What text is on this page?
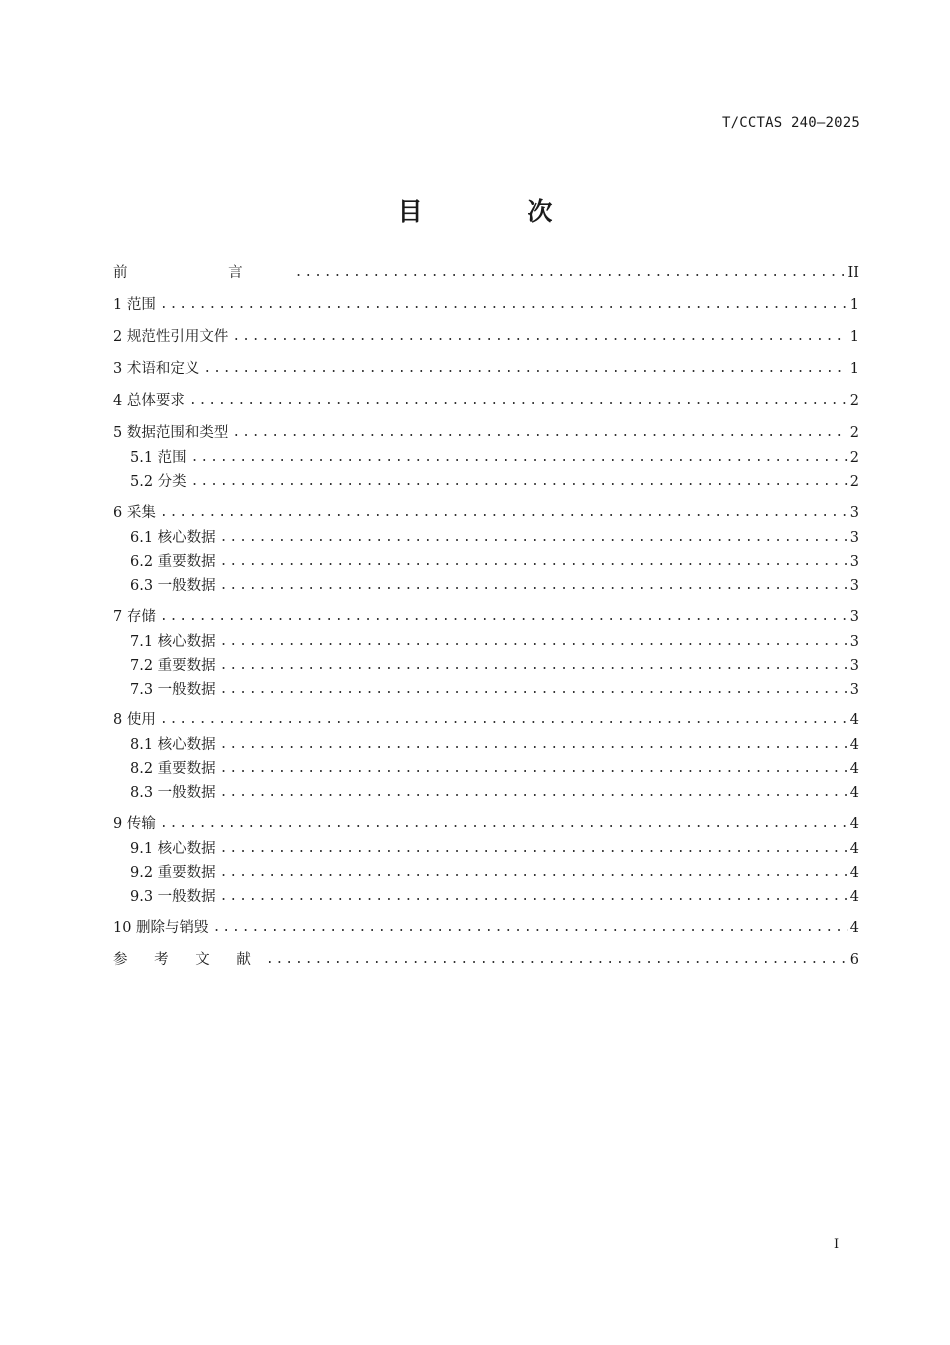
T/CCTAS 240—2025
目 次
前 言 .....	II
1 范围 .....	1
2 规范性引用文件 .....	1
3 术语和定义 .....	1
4 总体要求 .....	2
5 数据范围和类型 .....	2
5.1 范围 .....	2
5.2 分类 .....	2
6 采集 .....	3
6.1 核心数据 .....	3
6.2 重要数据 .....	3
6.3 一般数据 .....	3
7 存储 .....	3
7.1 核心数据 .....	3
7.2 重要数据 .....	3
7.3 一般数据 .....	3
8 使用 .....	4
8.1 核心数据 .....	4
8.2 重要数据 .....	4
8.3 一般数据 .....	4
9 传输 .....	4
9.1 核心数据 .....	4
9.2 重要数据 .....	4
9.3 一般数据 .....	4
10 删除与销毁 .....	4
参 考 文 献 .....	6
I
